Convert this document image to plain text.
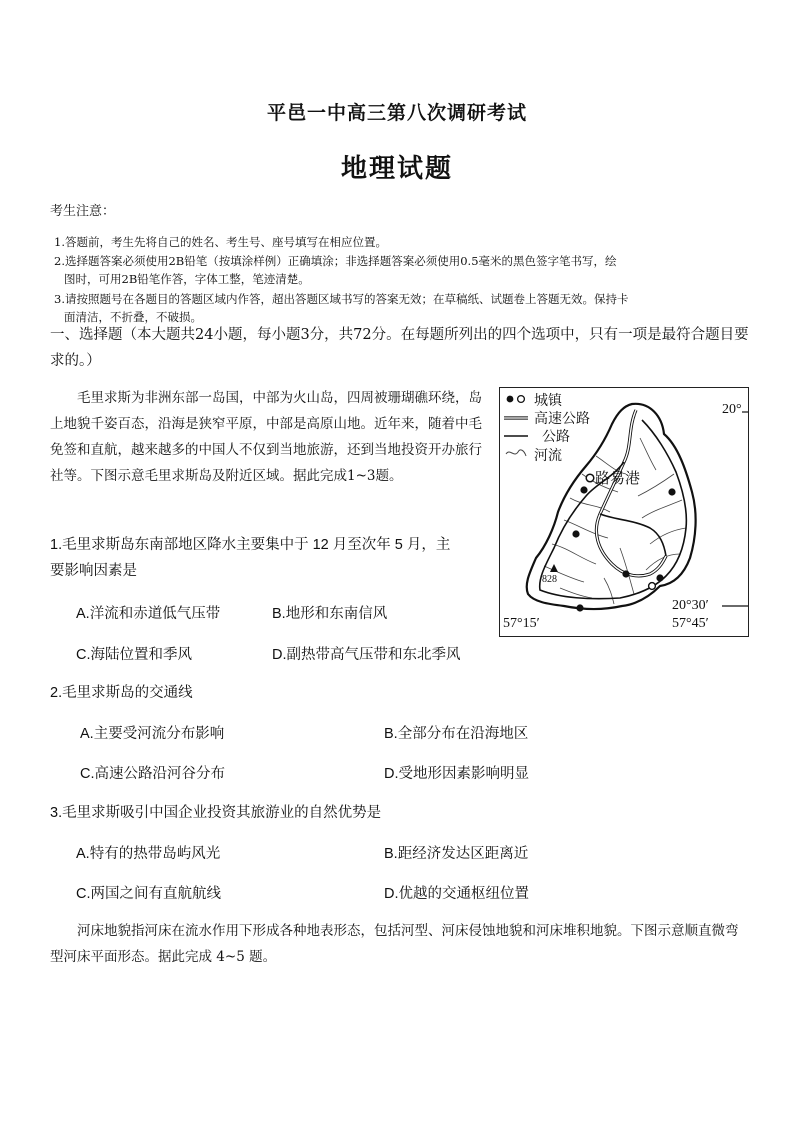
平邑一中高三第八次调研考试
地理试题
考生注意：
1.答题前，考生先将自己的姓名、考生号、座号填写在相应位置。
2.选择题答案必须使用2B铅笔（按填涂样例）正确填涂；非选择题答案必须使用0.5毫米的黑色签字笔书写，绘
图时，可用2B铅笔作答，字体工整，笔迹清楚。
3.请按照题号在各题目的答题区域内作答，超出答题区域书写的答案无效；在草稿纸、试题卷上答题无效。保持卡
面清洁，不折叠，不破损。
一、选择题（本大题共24小题，每小题3分，共72分。在每题所列出的四个选项中，只有一项是最符合题目要求的。）
毛里求斯为非洲东部一岛国，中部为火山岛，四周被珊瑚礁环绕，岛上地貌千姿百态，沿海是狭窄平原，中部是高原山地。近年来，随着中毛免签和直航，越来越多的中国人不仅到当地旅游，还到当地投资开办旅行社等。下图示意毛里求斯岛及附近区域。据此完成1~3题。
城镇
高速公路
公路
河流
路易港
828
20°
20°30′
57°15′	57°45′
1.毛里求斯岛东南部地区降水主要集中于 12 月至次年 5 月，主
要影响因素是
A.洋流和赤道低气压带	B.地形和东南信风
C.海陆位置和季风	D.副热带高气压带和东北季风
2.毛里求斯岛的交通线
A.主要受河流分布影响	B.全部分布在沿海地区
C.高速公路沿河谷分布	D.受地形因素影响明显
3.毛里求斯吸引中国企业投资其旅游业的自然优势是
A.特有的热带岛屿风光	B.距经济发达区距离近
C.两国之间有直航航线	D.优越的交通枢纽位置
河床地貌指河床在流水作用下形成各种地表形态，包括河型、河床侵蚀地貌和河床堆积地貌。下图示意顺直微弯型河床平面形态。据此完成 4~5 题。
